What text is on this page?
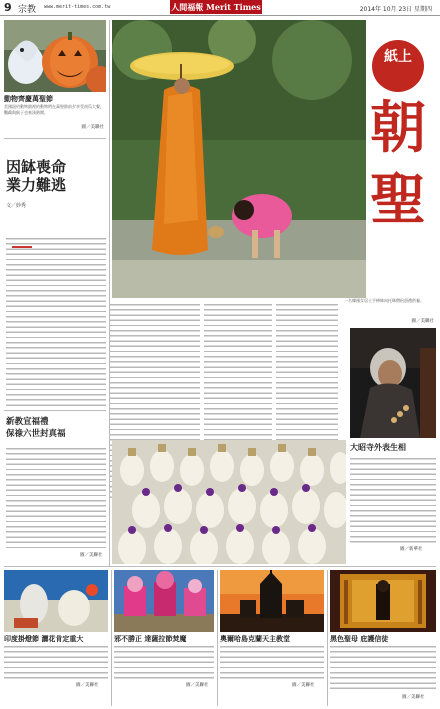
9 宗教 www.merit-times.com.tw	人間福報 Merit Times	2014年 10月 23日 星期四
動物齊慶萬聖節
美國紐約動物園裡的動物們在萬聖節前夕享受南瓜大餐，鸚鵡與猴子也來湊熱鬧。
圖／美聯社
因缽喪命
業力難逃
文／妙秀
紙上
朝
聖
一名韓國女居士手捧缽向托缽僧侶頂禮供養。
圖／美聯社
大昭寺外表生相
圖／新華社
新教宣福禮
保祿六世封真福
圖／美聯社
印度掛燈節 灑花肯定重大
圖／美聯社
邪不勝正 達薩拉節焚魔
圖／美聯社
奧爾哈島克蘭天主教堂
圖／美聯社
黑色聖母 庇護信徒
圖／美聯社
